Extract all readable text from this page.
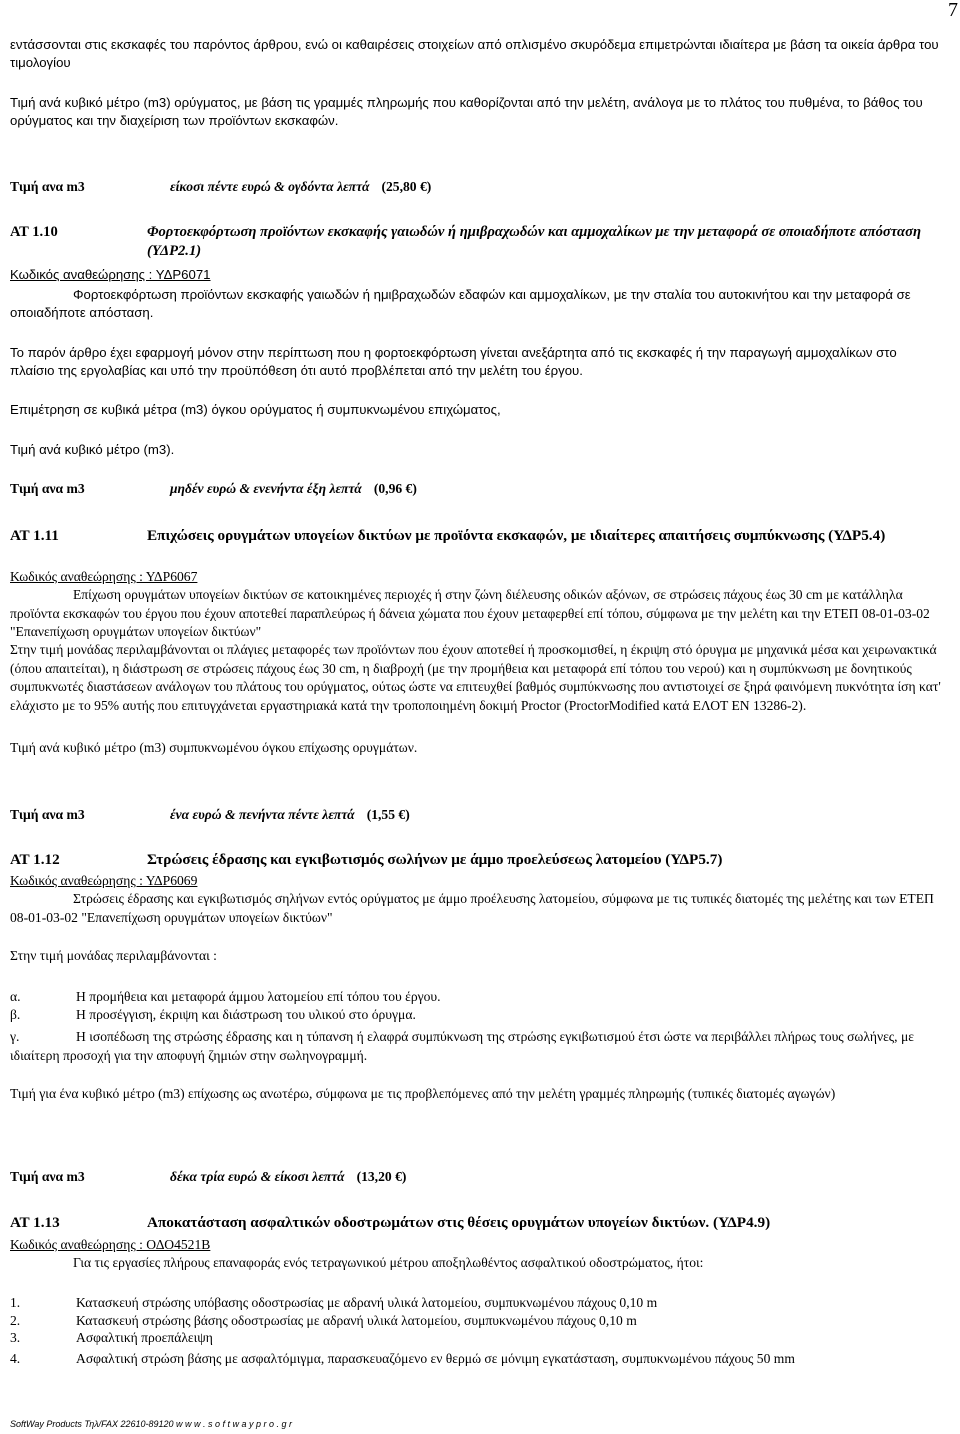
7

εντάσσονται στις εκσκαφές του παρόντος άρθρου, ενώ οι καθαιρέσεις στοιχείων από οπλισμένο σκυρόδεμα επιμετρώνται ιδιαίτερα με βάση τα οικεία άρθρα του τιμολογίου

Τιμή ανά κυβικό μέτρο (m3) ορύγματος, με βάση τις γραμμές πληρωμής που καθορίζονται από την μελέτη, ανάλογα με το πλάτος του πυθμένα, το βάθος του ορύγματος και την διαχείριση των προϊόντων εκσκαφών.

Τιμή ανα m3	είκοσι πέντε ευρώ & ογδόντα λεπτά (25,80 €)
ΑΤ 1.10	Φορτοεκφόρτωση προϊόντων εκσκαφής γαιωδών ή ημιβραχωδών και αμμοχαλίκων με την μεταφορά σε οποιαδήποτε απόσταση (ΥΔΡ2.1)
Κωδικός αναθεώρησης : ΥΔΡ6071

Φορτοεκφόρτωση προϊόντων εκσκαφής γαιωδών ή ημιβραχωδών εδαφών και αμμοχαλίκων, με την σταλία του αυτοκινήτου και την μεταφορά σε οποιαδήποτε απόσταση.

Το παρόν άρθρο έχει εφαρμογή μόνον στην περίπτωση που η φορτοεκφόρτωση γίνεται ανεξάρτητα από τις εκσκαφές ή την παραγωγή αμμοχαλίκων στο πλαίσιο της εργολαβίας και υπό την προϋπόθεση ότι αυτό προβλέπεται από την μελέτη του έργου.

Επιμέτρηση σε κυβικά μέτρα (m3) όγκου ορύγματος ή συμπυκνωμένου επιχώματος,

Τιμή ανά κυβικό μέτρο (m3).

Τιμή ανα m3	μηδέν ευρώ & ενενήντα έξη λεπτά (0,96 €)
ΑΤ 1.11	Επιχώσεις ορυγμάτων υπογείων δικτύων με προϊόντα εκσκαφών, με ιδιαίτερες απαιτήσεις συμπύκνωσης (ΥΔΡ5.4)
Κωδικός αναθεώρησης : ΥΔΡ6067

Επίχωση ορυγμάτων υπογείων δικτύων σε κατοικημένες περιοχές ή στην ζώνη διέλευσης οδικών αξόνων, σε στρώσεις πάχους έως 30 cm με κατάλληλα προϊόντα εκσκαφών του έργου που έχουν αποτεθεί παραπλεύρως ή δάνεια χώματα που έχουν μεταφερθεί επί τόπου, σύμφωνα με την μελέτη και την ΕΤΕΠ 08-01-03-02 "Επανεπίχωση ορυγμάτων υπογείων δικτύων"

Στην τιμή μονάδας περιλαμβάνονται οι πλάγιες μεταφορές των προϊόντων που έχουν αποτεθεί ή προσκομισθεί, η έκριψη στό όρυγμα με μηχανικά μέσα και χειρωνακτικά (όπου απαιτείται), η διάστρωση σε στρώσεις πάχους έως 30 cm, η διαβροχή (με την προμήθεια και μεταφορά επί τόπου του νερού) και η συμπύκνωση με δονητικούς συμπυκνωτές διαστάσεων ανάλογων του πλάτους του ορύγματος, ούτως ώστε να επιτευχθεί βαθμός συμπύκνωσης που αντιστοιχεί σε ξηρά φαινόμενη πυκνότητα ίση κατ' ελάχιστο με το 95% αυτής που επιτυγχάνεται εργαστηριακά κατά την τροποποιημένη δοκιμή Proctor (ProctorModified κατά ΕΛΟΤ ΕΝ 13286-2).

Τιμή ανά κυβικό μέτρο (m3) συμπυκνωμένου όγκου επίχωσης ορυγμάτων.

Τιμή ανα m3	ένα ευρώ & πενήντα πέντε λεπτά (1,55 €)
ΑΤ 1.12	Στρώσεις έδρασης και εγκιβωτισμός σωλήνων με άμμο προελεύσεως λατομείου (ΥΔΡ5.7)
Κωδικός αναθεώρησης : ΥΔΡ6069

Στρώσεις έδρασης και εγκιβωτισμός σηλήνων εντός ορύγματος με άμμο προέλευσης λατομείου, σύμφωνα με τις τυπικές διατομές της μελέτης και των ΕΤΕΠ 08-01-03-02 "Επανεπίχωση ορυγμάτων υπογείων δικτύων"

Στην τιμή μονάδας περιλαμβάνονται :

α.	Η προμήθεια και μεταφορά άμμου λατομείου επί τόπου του έργου.
β.	Η προσέγγιση, έκριψη και διάστρωση του υλικού στο όρυγμα.

γ.	Η ισοπέδωση της στρώσης έδρασης και η τύπανση ή ελαφρά συμπύκνωση της στρώσης εγκιβωτισμού έτσι ώστε να περιβάλλει πλήρως τους σωλήνες, με ιδιαίτερη προσοχή για την αποφυγή ζημιών στην σωληνογραμμή.

Τιμή για ένα κυβικό μέτρο (m3) επίχωσης ως ανωτέρω, σύμφωνα με τις προβλεπόμενες από την μελέτη γραμμές πληρωμής (τυπικές διατομές αγωγών)

Τιμή ανα m3	δέκα τρία ευρώ & είκοσι λεπτά (13,20 €)
ΑΤ 1.13	Αποκατάσταση ασφαλτικών οδοστρωμάτων στις θέσεις ορυγμάτων υπογείων δικτύων. (ΥΔΡ4.9)
Κωδικός αναθεώρησης : ΟΔΟ4521Β

Για τις εργασίες πλήρους επαναφοράς ενός τετραγωνικού μέτρου αποξηλωθέντος ασφαλτικού οδοστρώματος, ήτοι:

1.	Κατασκευή στρώσης υπόβασης οδοστρωσίας με αδρανή υλικά λατομείου, συμπυκνωμένου πάχους 0,10 m
2.	Κατασκευή στρώσης βάσης οδοστρωσίας με αδρανή υλικά λατομείου, συμπυκνωμένου πάχους 0,10 m
3.	Ασφαλτική προεπάλειψη

4.	Ασφαλτική στρώση βάσης με ασφαλτόμιγμα, παρασκευαζόμενο εν θερμώ σε μόνιμη εγκατάσταση, συμπυκνωμένου πάχους 50 mm

SoftWay Products Τηλ/FAX 22610-89120 w w w . s o f t w a y p r o . g r
